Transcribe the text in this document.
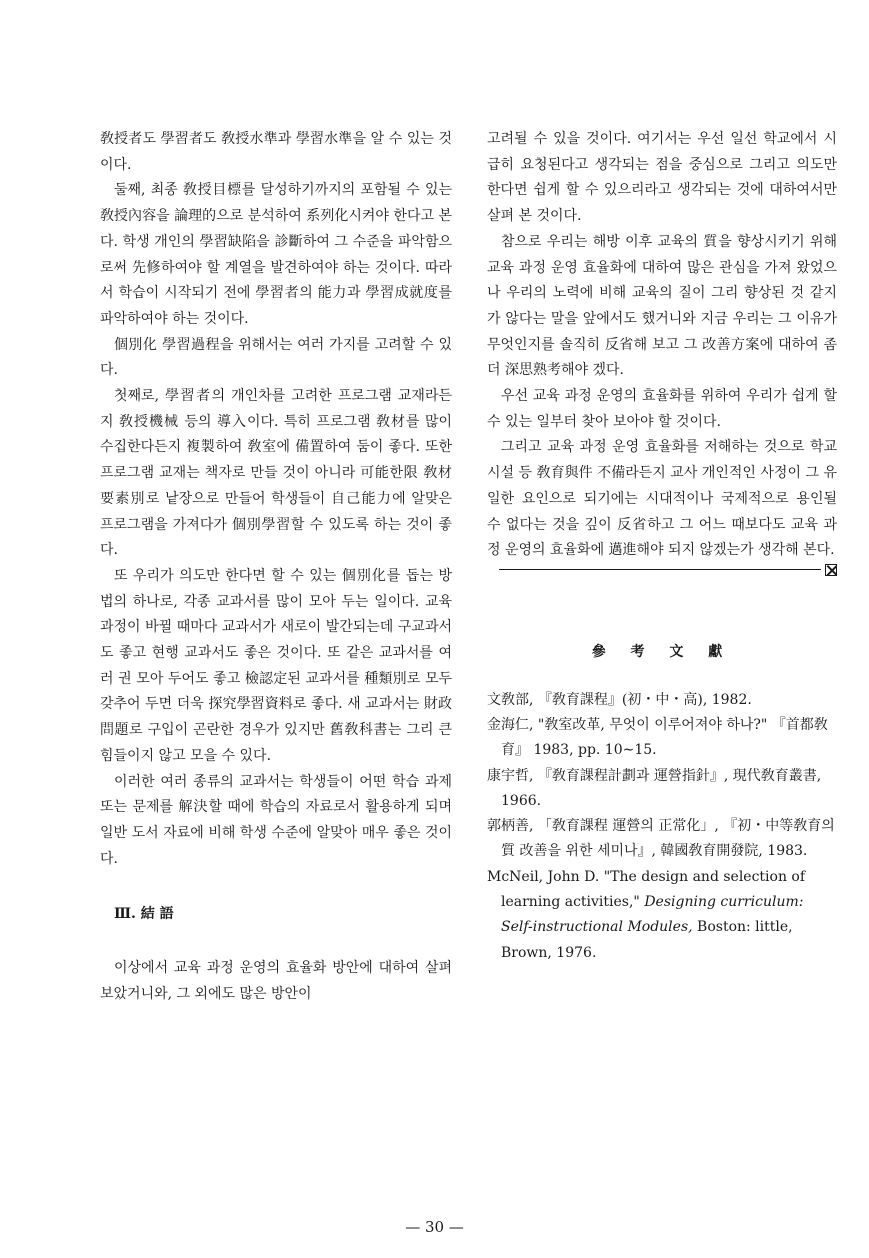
敎授者도 學習者도 敎授水準과 學習水準을 알 수 있는 것이다.

둘째, 최종 敎授目標를 달성하기까지의 포함될 수 있는 敎授內容을 論理的으로 분석하여 系列化시켜야 한다고 본다. 학생 개인의 學習缺陷을 診斷하여 그 수준을 파악함으로써 先修하여야 할 계열을 발견하여야 하는 것이다. 따라서 학습이 시작되기 전에 學習者의 能力과 學習成就度를 파악하여야 하는 것이다.

個別化 學習過程을 위해서는 여러 가지를 고려할 수 있다.

첫째로, 學習者의 개인차를 고려한 프로그램 교재라든지 敎授機械 등의 導入이다. 특히 프로그램 敎材를 많이 수집한다든지 複製하여 敎室에 備置하여 둠이 좋다. 또한 프로그램 교재는 책자로 만들 것이 아니라 可能한限 敎材要素別로 낱장으로 만들어 학생들이 自己能力에 알맞은 프로그램을 가져다가 個別學習할 수 있도록 하는 것이 좋다.

또 우리가 의도만 한다면 할 수 있는 個別化를 돕는 방법의 하나로, 각종 교과서를 많이 모아 두는 일이다. 교육 과정이 바뀔 때마다 교과서가 새로이 발간되는데 구교과서도 좋고 현행 교과서도 좋은 것이다. 또 같은 교과서를 여러 권 모아 두어도 좋고 檢認定된 교과서를 種類別로 모두 갖추어 두면 더욱 探究學習資料로 좋다. 새 교과서는 財政問題로 구입이 곤란한 경우가 있지만 舊敎科書는 그리 큰 힘들이지 않고 모을 수 있다.

이러한 여러 종류의 교과서는 학생들이 어떤 학습 과제 또는 문제를 解決할 때에 학습의 자료로서 활용하게 되며 일반 도서 자료에 비해 학생 수준에 알맞아 매우 좋은 것이다.

Ⅲ. 結 語

이상에서 교육 과정 운영의 효율화 방안에 대하여 살펴 보았거니와, 그 외에도 많은 방안이

고려될 수 있을 것이다. 여기서는 우선 일선 학교에서 시급히 요청된다고 생각되는 점을 중심으로 그리고 의도만 한다면 쉽게 할 수 있으리라고 생각되는 것에 대하여서만 살펴 본 것이다.

참으로 우리는 해방 이후 교육의 質을 향상시키기 위해 교육 과정 운영 효율화에 대하여 많은 관심을 가져 왔었으나 우리의 노력에 비해 교육의 질이 그리 향상된 것 같지가 않다는 말을 앞에서도 했거니와 지금 우리는 그 이유가 무엇인지를 솔직히 反省해 보고 그 改善方案에 대하여 좀 더 深思熟考해야 겠다.

우선 교육 과정 운영의 효율화를 위하여 우리가 쉽게 할 수 있는 일부터 찾아 보아야 할 것이다.

그리고 교육 과정 운영 효율화를 저해하는 것으로 학교 시설 등 敎育與件 不備라든지 교사 개인적인 사정이 그 유일한 요인으로 되기에는 시대적이나 국제적으로 용인될 수 없다는 것을 깊이 反省하고 그 어느 때보다도 교육 과정 운영의 효율화에 邁進해야 되지 않겠는가 생각해 본다.

參 考 文 獻
文敎部, 『敎育課程』(初・中・高), 1982.
金海仁, "敎室改革, 무엇이 이루어져야 하나?" 『首都敎育』 1983, pp. 10∼15.
康宇哲, 『敎育課程計劃과 運營指針』, 現代敎育叢書, 1966.
郭柄善, 「敎育課程 運營의 正常化」, 『初・中等敎育의 質 改善을 위한 세미나』, 韓國敎育開發院, 1983.
McNeil, John D. "The design and selection of learning activities," Designing curriculum: Self-instructional Modules, Boston: little, Brown, 1976.
— 30 —
